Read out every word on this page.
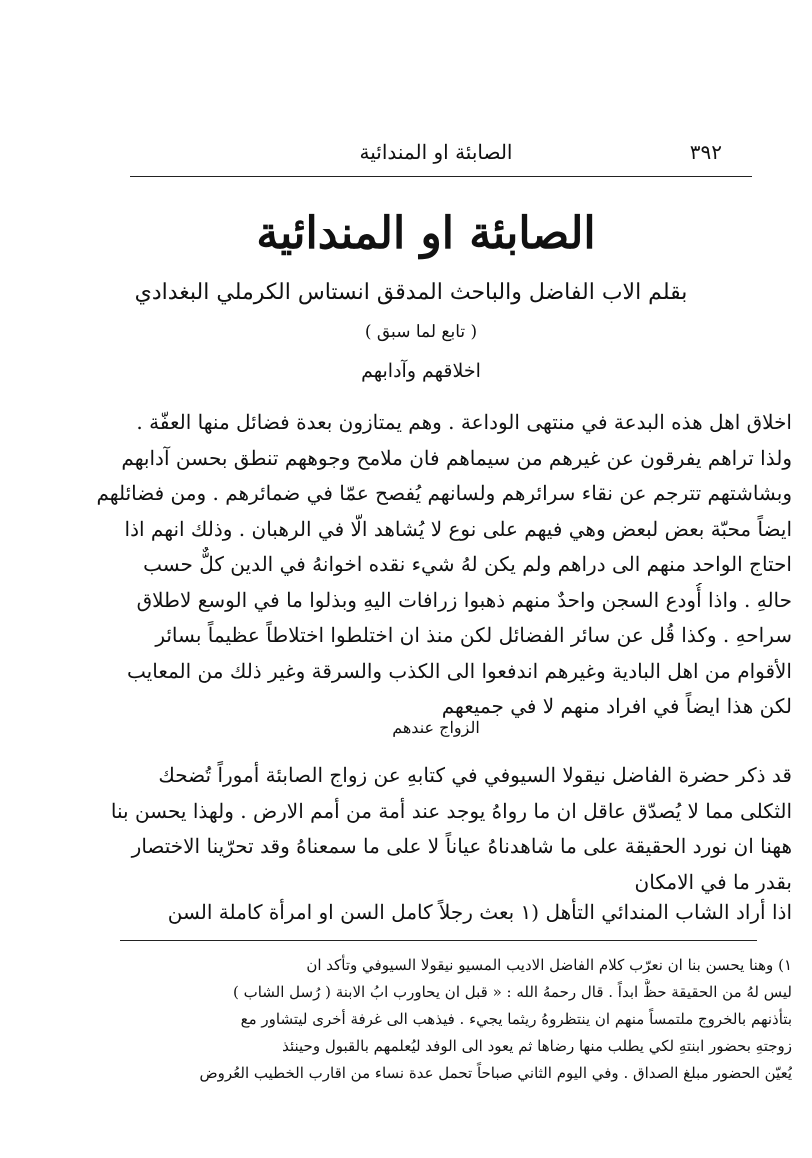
٣٩٢
الصابئة او المندائية
الصابئة او المندائية
بقلم الاب الفاضل والباحث المدقق انستاس الكرملي البغدادي
( تابع لما سبق )
اخلاقهم وآدابهم
اخلاق اهل هذه البدعة في منتهى الوداعة . وهم يمتازون بعدة فضائل منها العفّة .
ولذا تراهم يفرقون عن غيرهم من سيماهم فان ملامح وجوههم تنطق بحسن آدابهم
وبشاشتهم تترجم عن نقاء سرائرهم ولسانهم يُفصح عمّا في ضمائرهم . ومن فضائلهم
ايضاً محبّة بعض لبعض وهي فيهم على نوع لا يُشاهد الّا في الرهبان . وذلك انهم اذا
احتاج الواحد منهم الى دراهم ولم يكن لهُ شيء نقده اخوانهُ في الدين كلٌّ حسب
حالهِ . واذا أُودع السجن واحدٌ منهم ذهبوا زرافات اليهِ وبذلوا ما في الوسع لاطلاق
سراحهِ . وكذا قُل عن سائر الفضائل لكن منذ ان اختلطوا اختلاطاً عظيماً بسائر
الأقوام من اهل البادية وغيرهم اندفعوا الى الكذب والسرقة وغير ذلك من المعايب
لكن هذا ايضاً في افراد منهم لا في جميعهم
الزواج عندهم
قد ذكر حضرة الفاضل نيقولا السيوفي في كتابهِ عن زواج الصابئة أموراً تُضحك
الثكلى مما لا يُصدّق عاقل ان ما رواهُ يوجد عند أمة من أمم الارض . ولهذا يحسن بنا
ههنا ان نورد الحقيقة على ما شاهدناهُ عياناً لا على ما سمعناهُ وقد تحرّينا الاختصار
بقدر ما في الامكان
اذا أراد الشاب المندائي التأهل (١ بعث رجلاً كامل السن او امرأة كاملة السن
١) وهنا يحسن بنا ان نعرّب كلام الفاضل الاديب المسيو نيقولا السيوفي وتأكد ان
ليس لهُ من الحقيقة حظٌّ ابداً . قال رحمهُ الله : « قبل ان يحاورب ابُ الابنة ( رُسل الشاب )
بتأذنهم بالخروج ملتمساً منهم ان ينتظروهُ ريثما يجيء . فيذهب الى غرفة أخرى ليتشاور مع
زوجتهِ بحضور ابنتهِ لكي يطلب منها رضاها ثم يعود الى الوفد ليُعلمهم بالقبول وحينئذ
يُعيّن الحضور مبلغ الصداق . وفي اليوم الثاني صباحاً تحمل عدة نساء من اقارب الخطيب العُروض
